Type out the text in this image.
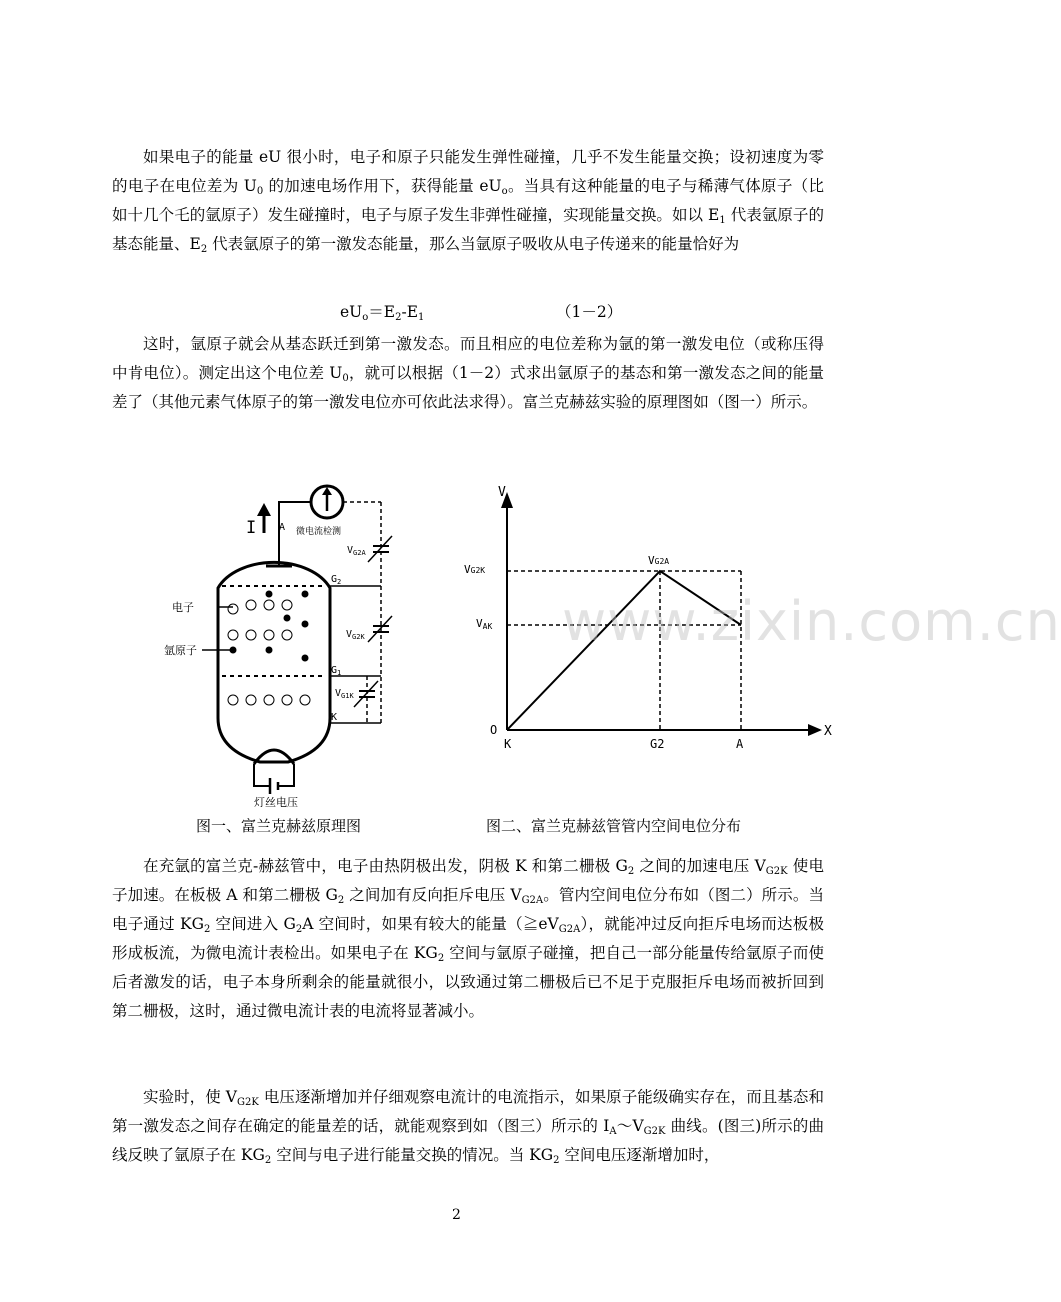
如果电子的能量 eU 很小时，电子和原子只能发生弹性碰撞，几乎不发生能量交换；设初速度为零的电子在电位差为 $U_0$ 的加速电场作用下，获得能量 $eU_o$。当具有这种能量的电子与稀薄气体原子（比如十几个乇的氩原子）发生碰撞时，电子与原子发生非弹性碰撞，实现能量交换。如以 $E_1$ 代表氩原子的基态能量、$E_2$ 代表氩原子的第一激发态能量，那么当氩原子吸收从电子传递来的能量恰好为

$eU_o=E_2-E_1$	（1－2）

这时，氩原子就会从基态跃迁到第一激发态。而且相应的电位差称为氩的第一激发电位（或称压得中肯电位）。测定出这个电位差 $U_0$，就可以根据（1－2）式求出氩原子的基态和第一激发态之间的能量差了（其他元素气体原子的第一激发电位亦可依此法求得）。富兰克赫兹实验的原理图如（图一）所示。

I A 微电流检测
$V_{G2A}$
$V_{G2K}$
$G_2$
$G_1$
$V_{G1K}$
K
电子
氩原子
灯丝电压
V
X
O
K	G2	A
VG2K
VAK
VG2A
www.zixin.com.cn
图一、富兰克赫兹原理图	图二、富兰克赫兹管管内空间电位分布

在充氩的富兰克-赫兹管中，电子由热阴极出发，阴极 K 和第二栅极 $G_2$ 之间的加速电压 $V_{G2K}$ 使电子加速。在板极 A 和第二栅极 $G_2$ 之间加有反向拒斥电压 $V_{G2A}$。管内空间电位分布如（图二）所示。当电子通过 $KG_2$ 空间进入 $G_2A$ 空间时，如果有较大的能量$(≧eV_{G2A})$，就能冲过反向拒斥电场而达板极形成板流，为微电流计表检出。如果电子在 $KG_2$ 空间与氩原子碰撞，把自己一部分能量传给氩原子而使后者激发的话，电子本身所剩余的能量就很小，以致通过第二栅极后已不足于克服拒斥电场而被折回到第二栅极，这时，通过微电流计表的电流将显著减小。

实验时，使 $V_{G2K}$ 电压逐渐增加并仔细观察电流计的电流指示，如果原子能级确实存在，而且基态和第一激发态之间存在确定的能量差的话，就能观察到如（图三）所示的 $I_A\sim V_{G2K}$ 曲线。(图三)所示的曲线反映了氩原子在 $KG_2$ 空间与电子进行能量交换的情况。当 $KG_2$ 空间电压逐渐增加时，

2
